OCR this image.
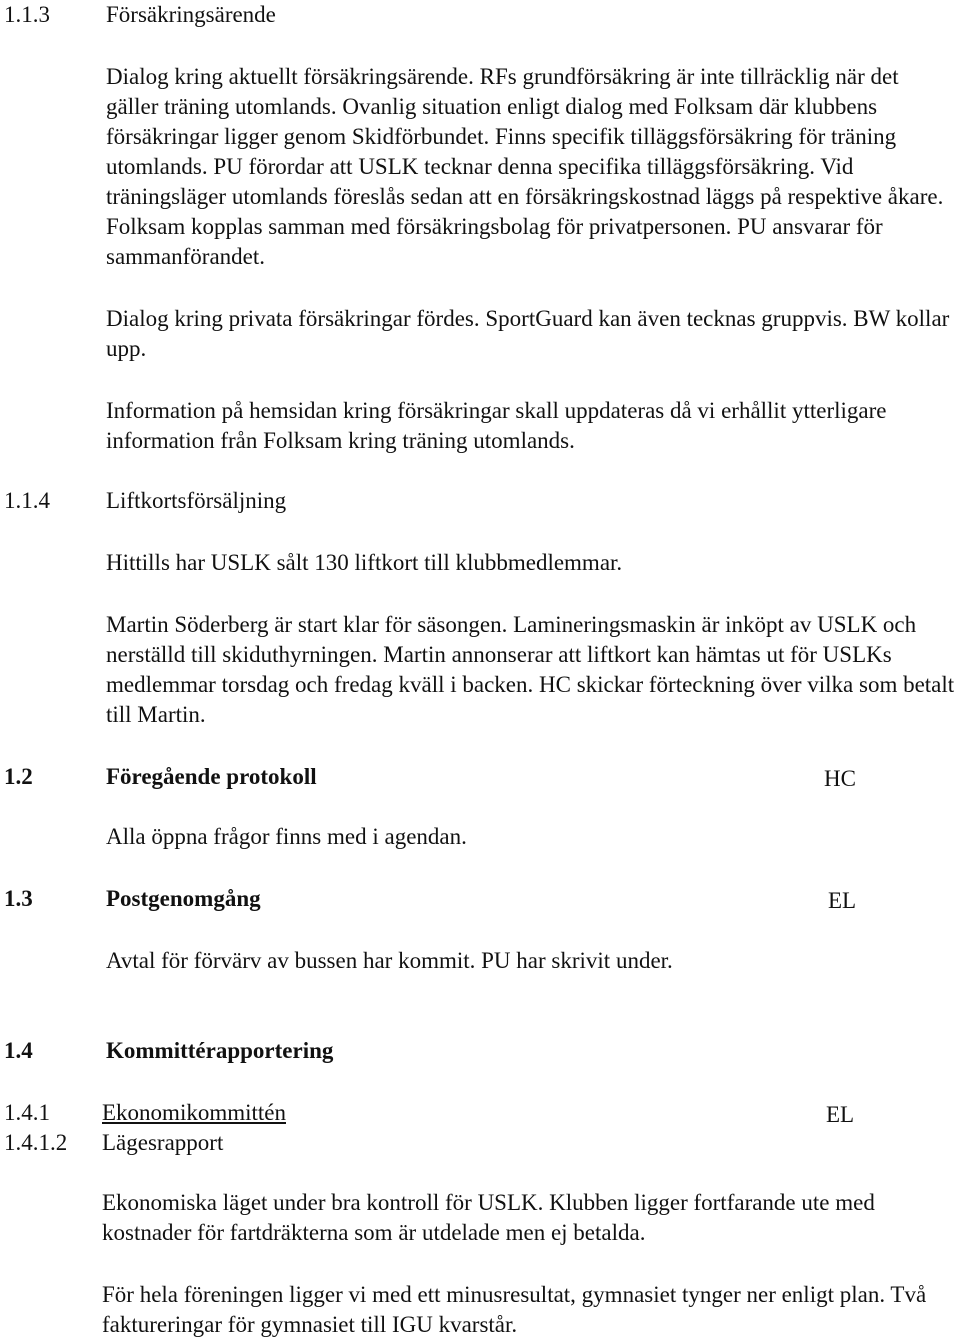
1.1.3 Försäkringsärende
Dialog kring aktuellt försäkringsärende. RFs grundförsäkring är inte tillräcklig när det gäller träning utomlands. Ovanlig situation enligt dialog med Folksam där klubbens försäkringar ligger genom Skidförbundet. Finns specifik tilläggsförsäkring för träning utomlands. PU förordar att USLK tecknar denna specifika tilläggsförsäkring. Vid träningsläger utomlands föreslås sedan att en försäkringskostnad läggs på respektive åkare. Folksam kopplas samman med försäkringsbolag för privatpersonen. PU ansvarar för sammanförandet.
Dialog kring privata försäkringar fördes. SportGuard kan även tecknas gruppvis. BW kollar upp.
Information på hemsidan kring försäkringar skall uppdateras då vi erhållit ytterligare information från Folksam kring träning utomlands.
1.1.4 Liftkortsförsäljning
Hittills har USLK sålt 130 liftkort till klubbmedlemmar.
Martin Söderberg är start klar för säsongen. Lamineringsmaskin är inköpt av USLK och nerställd till skiduthyrningen. Martin annonserar att liftkort kan hämtas ut för USLKs medlemmar torsdag och fredag kväll i backen. HC skickar förteckning över vilka som betalt till Martin.
1.2	Föregående protokoll	HC
Alla öppna frågor finns med i agendan.
1.3	Postgenomgång	EL
Avtal för förvärv av bussen har kommit. PU har skrivit under.
1.4	Kommittérapportering
1.4.1 Ekonomikommittén	EL
1.4.1.2 Lägesrapport
Ekonomiska läget under bra kontroll för USLK. Klubben ligger fortfarande ute med kostnader för fartdräkterna som är utdelade men ej betalda.
För hela föreningen ligger vi med ett minusresultat, gymnasiet tynger ner enligt plan. Två faktureringar för gymnasiet till IGU kvarstår.
